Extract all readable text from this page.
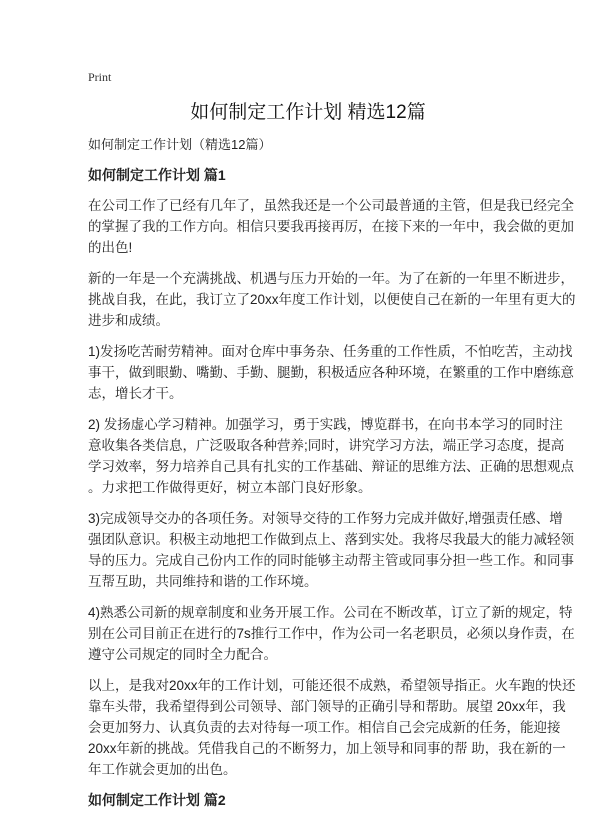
Print
如何制定工作计划 精选12篇
如何制定工作计划（精选12篇）
如何制定工作计划 篇1
在公司工作了已经有几年了，虽然我还是一个公司最普通的主管，但是我已经完全
的掌握了我的工作方向。相信只要我再接再厉，在接下来的一年中，我会做的更加
的出色!
新的一年是一个充满挑战、机遇与压力开始的一年。为了在新的一年里不断进步，
挑战自我，在此，我订立了20xx年度工作计划，以便使自己在新的一年里有更大的
进步和成绩。
1)发扬吃苦耐劳精神。面对仓库中事务杂、任务重的工作性质，不怕吃苦，主动找
事干，做到眼勤、嘴勤、手勤、腿勤，积极适应各种环境，在繁重的工作中磨练意
志，增长才干。
2) 发扬虚心学习精神。加强学习，勇于实践，博览群书，在向书本学习的同时注
意收集各类信息，广泛吸取各种营养;同时，讲究学习方法，端正学习态度，提高
学习效率，努力培养自己具有扎实的工作基础、辩证的思维方法、正确的思想观点
。力求把工作做得更好，树立本部门良好形象。
3)完成领导交办的各项任务。对领导交待的工作努力完成并做好,增强责任感、增
强团队意识。积极主动地把工作做到点上、落到实处。我将尽我最大的能力减轻领
导的压力。完成自己份内工作的同时能够主动帮主管或同事分担一些工作。和同事
互帮互助，共同维持和谐的工作环境。
4)熟悉公司新的规章制度和业务开展工作。公司在不断改革，订立了新的规定，特
别在公司目前正在进行的7s推行工作中，作为公司一名老职员，必须以身作责，在
遵守公司规定的同时全力配合。
以上，是我对20xx年的工作计划，可能还很不成熟，希望领导指正。火车跑的快还
靠车头带，我希望得到公司领导、部门领导的正确引导和帮助。展望 20xx年，我
会更加努力、认真负责的去对待每一项工作。相信自己会完成新的任务，能迎接
20xx年新的挑战。凭借我自己的不断努力，加上领导和同事的帮 助，我在新的一
年工作就会更加的出色。
如何制定工作计划 篇2
